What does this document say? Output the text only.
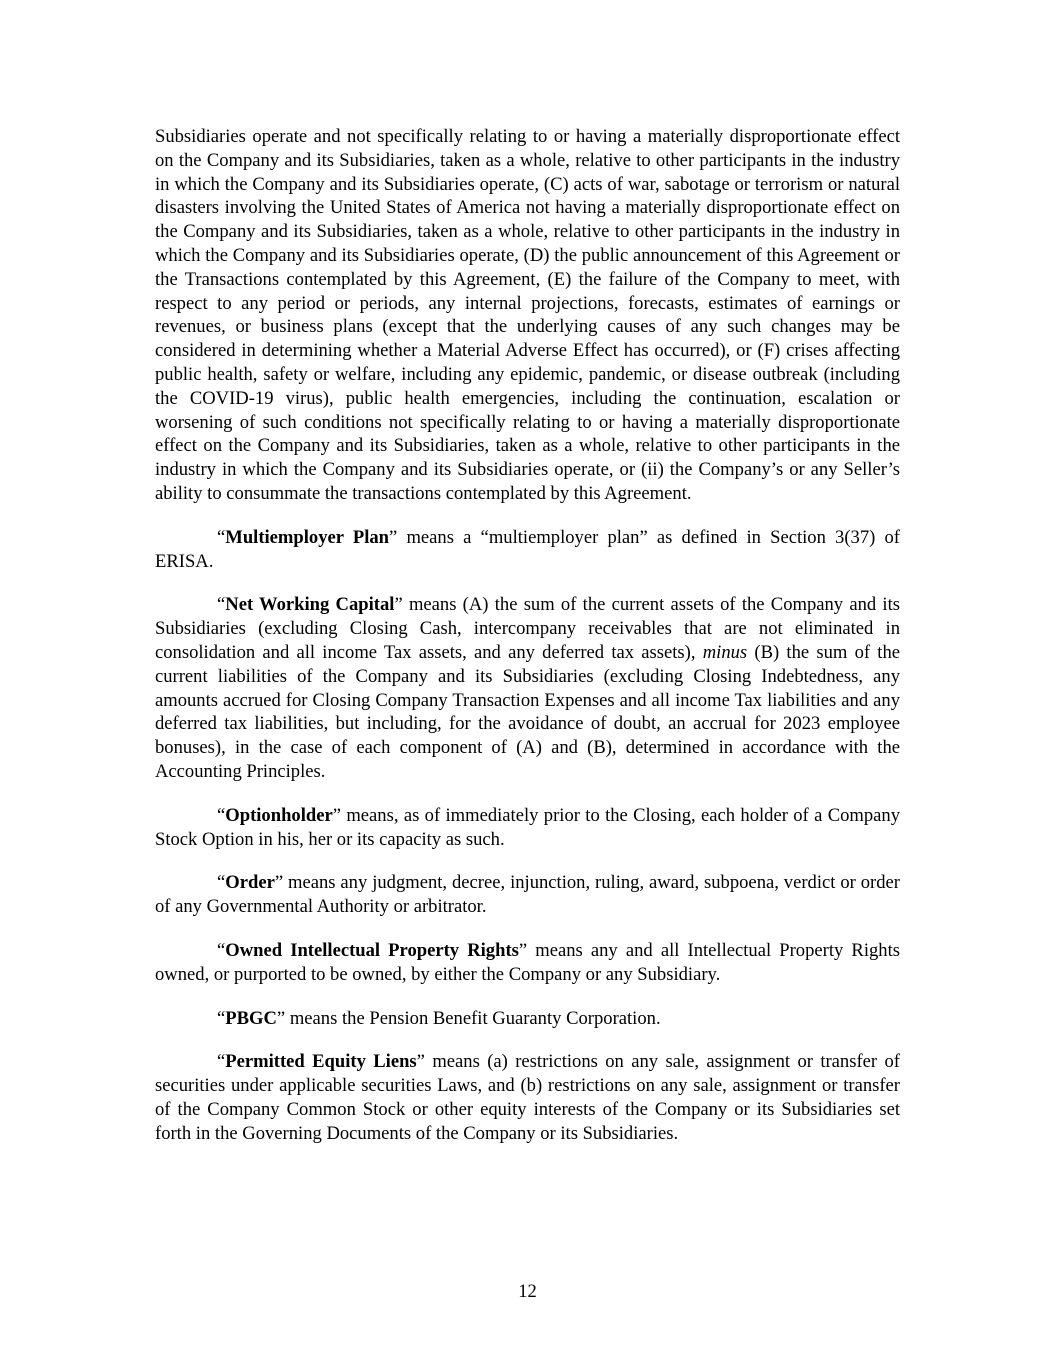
Subsidiaries operate and not specifically relating to or having a materially disproportionate effect on the Company and its Subsidiaries, taken as a whole, relative to other participants in the industry in which the Company and its Subsidiaries operate, (C) acts of war, sabotage or terrorism or natural disasters involving the United States of America not having a materially disproportionate effect on the Company and its Subsidiaries, taken as a whole, relative to other participants in the industry in which the Company and its Subsidiaries operate, (D) the public announcement of this Agreement or the Transactions contemplated by this Agreement, (E) the failure of the Company to meet, with respect to any period or periods, any internal projections, forecasts, estimates of earnings or revenues, or business plans (except that the underlying causes of any such changes may be considered in determining whether a Material Adverse Effect has occurred), or (F) crises affecting public health, safety or welfare, including any epidemic, pandemic, or disease outbreak (including the COVID-19 virus), public health emergencies, including the continuation, escalation or worsening of such conditions not specifically relating to or having a materially disproportionate effect on the Company and its Subsidiaries, taken as a whole, relative to other participants in the industry in which the Company and its Subsidiaries operate, or (ii) the Company’s or any Seller’s ability to consummate the transactions contemplated by this Agreement.

“Multiemployer Plan” means a “multiemployer plan” as defined in Section 3(37) of ERISA.

“Net Working Capital” means (A) the sum of the current assets of the Company and its Subsidiaries (excluding Closing Cash, intercompany receivables that are not eliminated in consolidation and all income Tax assets, and any deferred tax assets), minus (B) the sum of the current liabilities of the Company and its Subsidiaries (excluding Closing Indebtedness, any amounts accrued for Closing Company Transaction Expenses and all income Tax liabilities and any deferred tax liabilities, but including, for the avoidance of doubt, an accrual for 2023 employee bonuses), in the case of each component of (A) and (B), determined in accordance with the Accounting Principles.

“Optionholder” means, as of immediately prior to the Closing, each holder of a Company Stock Option in his, her or its capacity as such.

“Order” means any judgment, decree, injunction, ruling, award, subpoena, verdict or order of any Governmental Authority or arbitrator.

“Owned Intellectual Property Rights” means any and all Intellectual Property Rights owned, or purported to be owned, by either the Company or any Subsidiary.

“PBGC” means the Pension Benefit Guaranty Corporation.

“Permitted Equity Liens” means (a) restrictions on any sale, assignment or transfer of securities under applicable securities Laws, and (b) restrictions on any sale, assignment or transfer of the Company Common Stock or other equity interests of the Company or its Subsidiaries set forth in the Governing Documents of the Company or its Subsidiaries.

12
